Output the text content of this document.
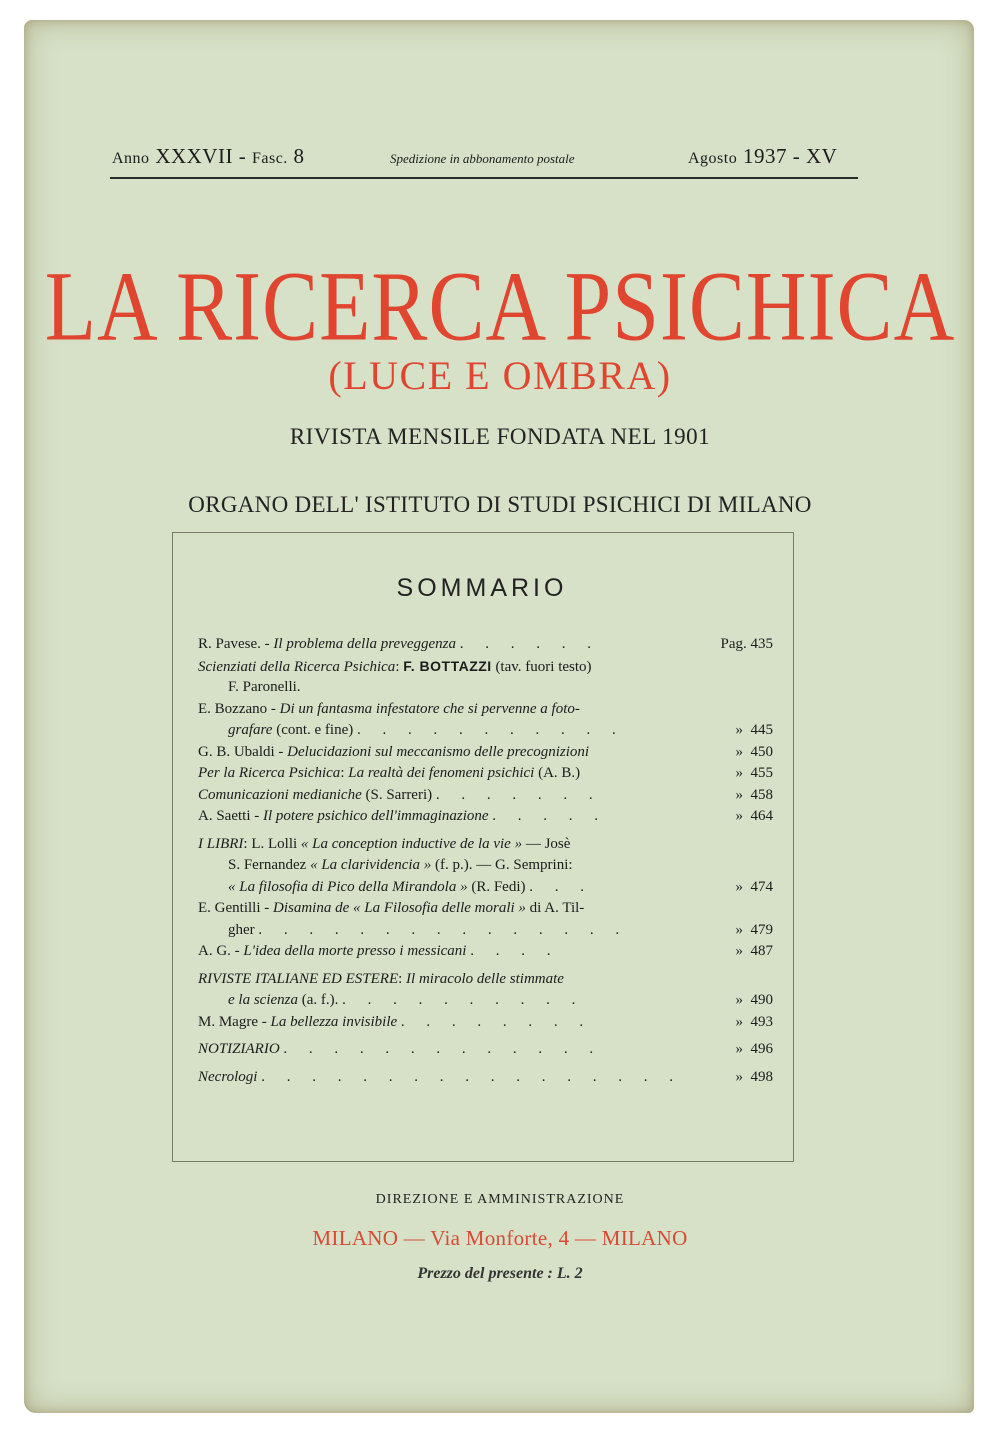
Anno XXXVII - Fasc. 8	Spedizione in abbonamento postale	Agosto 1937 - XV
LA RICERCA PSICHICA
(LUCE E OMBRA)
RIVISTA MENSILE FONDATA NEL 1901
ORGANO DELL' ISTITUTO DI STUDI PSICHICI DI MILANO
SOMMARIO
R. Pavese. - Il problema della preveggenza . . . . . .	Pag. 435
Scienziati della Ricerca Psichica: F. BOTTAZZI (tav. fuori testo)
F. Paronelli.
E. Bozzano - Di un fantasma infestatore che si pervenne a foto-
grafare (cont. e fine) . . . . . . . . . . .	» 445
G. B. Ubaldi - Delucidazioni sul meccanismo delle precognizioni	» 450
Per la Ricerca Psichica: La realtà dei fenomeni psichici (A. B.)	» 455
Comunicazioni medianiche (S. Sarreri) . . . . . . .	» 458
A. Saetti - Il potere psichico dell'immaginazione . . . . .	» 464
I LIBRI: L. Lolli « La conception inductive de la vie » — Josè
S. Fernandez « La clarividencia » (f. p.). — G. Semprini:
« La filosofia di Pico della Mirandola » (R. Fedi) . . .	» 474
E. Gentilli - Disamina de « La Filosofia delle morali » di A. Til-
gher . . . . . . . . . . . . . . .	» 479
A. G. - L'idea della morte presso i messicani . . . .	» 487
RIVISTE ITALIANE ED ESTERE: Il miracolo delle stimmate
e la scienza (a. f.). . . . . . . . . . .	» 490
M. Magre - La bellezza invisibile . . . . . . . .	» 493
NOTIZIARIO . . . . . . . . . . . . .	» 496
Necrologi . . . . . . . . . . . . . . . . .	» 498
DIREZIONE E AMMINISTRAZIONE
MILANO — Via Monforte, 4 — MILANO
Prezzo del presente : L. 2
